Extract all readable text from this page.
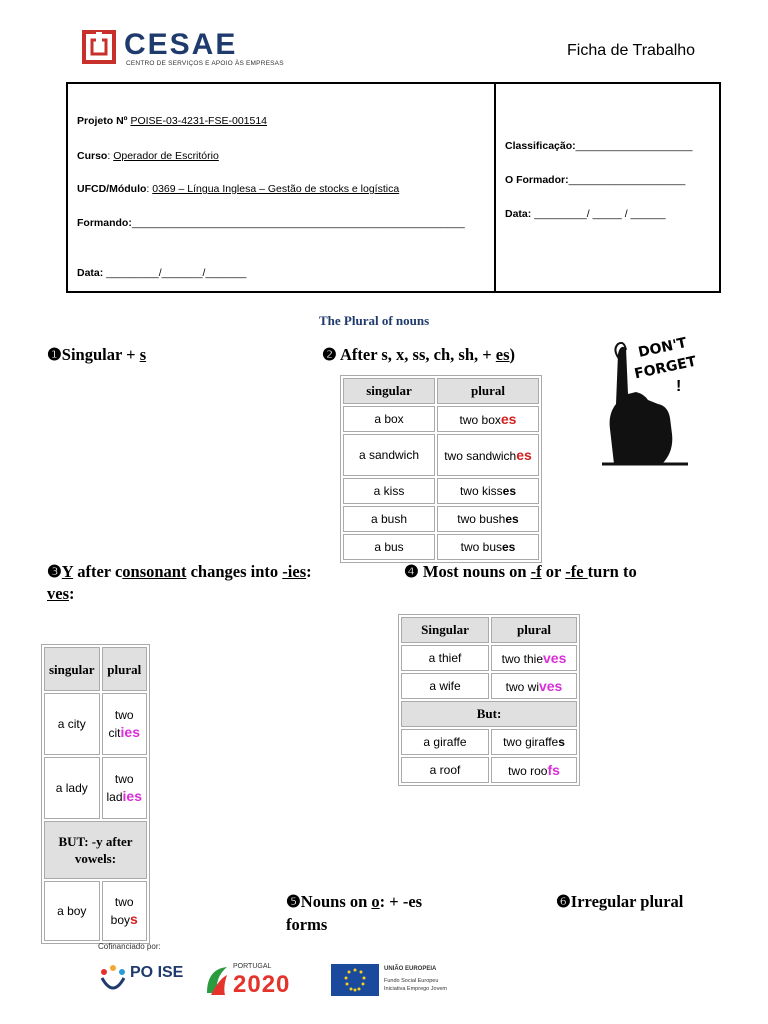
CESAE
CENTRO DE SERVIÇOS E APOIO ÀS EMPRESAS
Ficha de Trabalho
Projeto Nº POISE-03-4231-FSE-001514
Curso: Operador de Escritório
UFCD/Módulo: 0369 – Língua Inglesa – Gestão de stocks e logística
Formando:_________________________________________________________
Data: _________/_______/_______
Classificação:____________________
O Formador:____________________
Data: _________/ _____ / ______
The Plural of nouns
❶Singular + s	❷ After s, x, ss, ch, sh, + es)	DON'T
FORGET
!
singular	plural
a box	two boxes
a sandwich	two sandwiches
a kiss	two kisses
a bush	two bushes
a bus	two buses
❸Y after consonant changes into -ies:
ves:
❹ Most nouns on -f or -fe turn to
singular	plural
a city	two cities
a lady	two ladies
BUT: -y after vowels:	
a boy	two boys
Singular	plural
a thief	two thieves
a wife	two wives
But:	
a giraffe	two giraffes
a roof	two roofs
❺Nouns on o: + -es
forms
❻Irregular plural
Cofinanciado por:
PO ISE	PORTUGAL
2020
UNIÃO EUROPEIA
Fundo Social Europeu
Iniciativa Emprego Jovem
